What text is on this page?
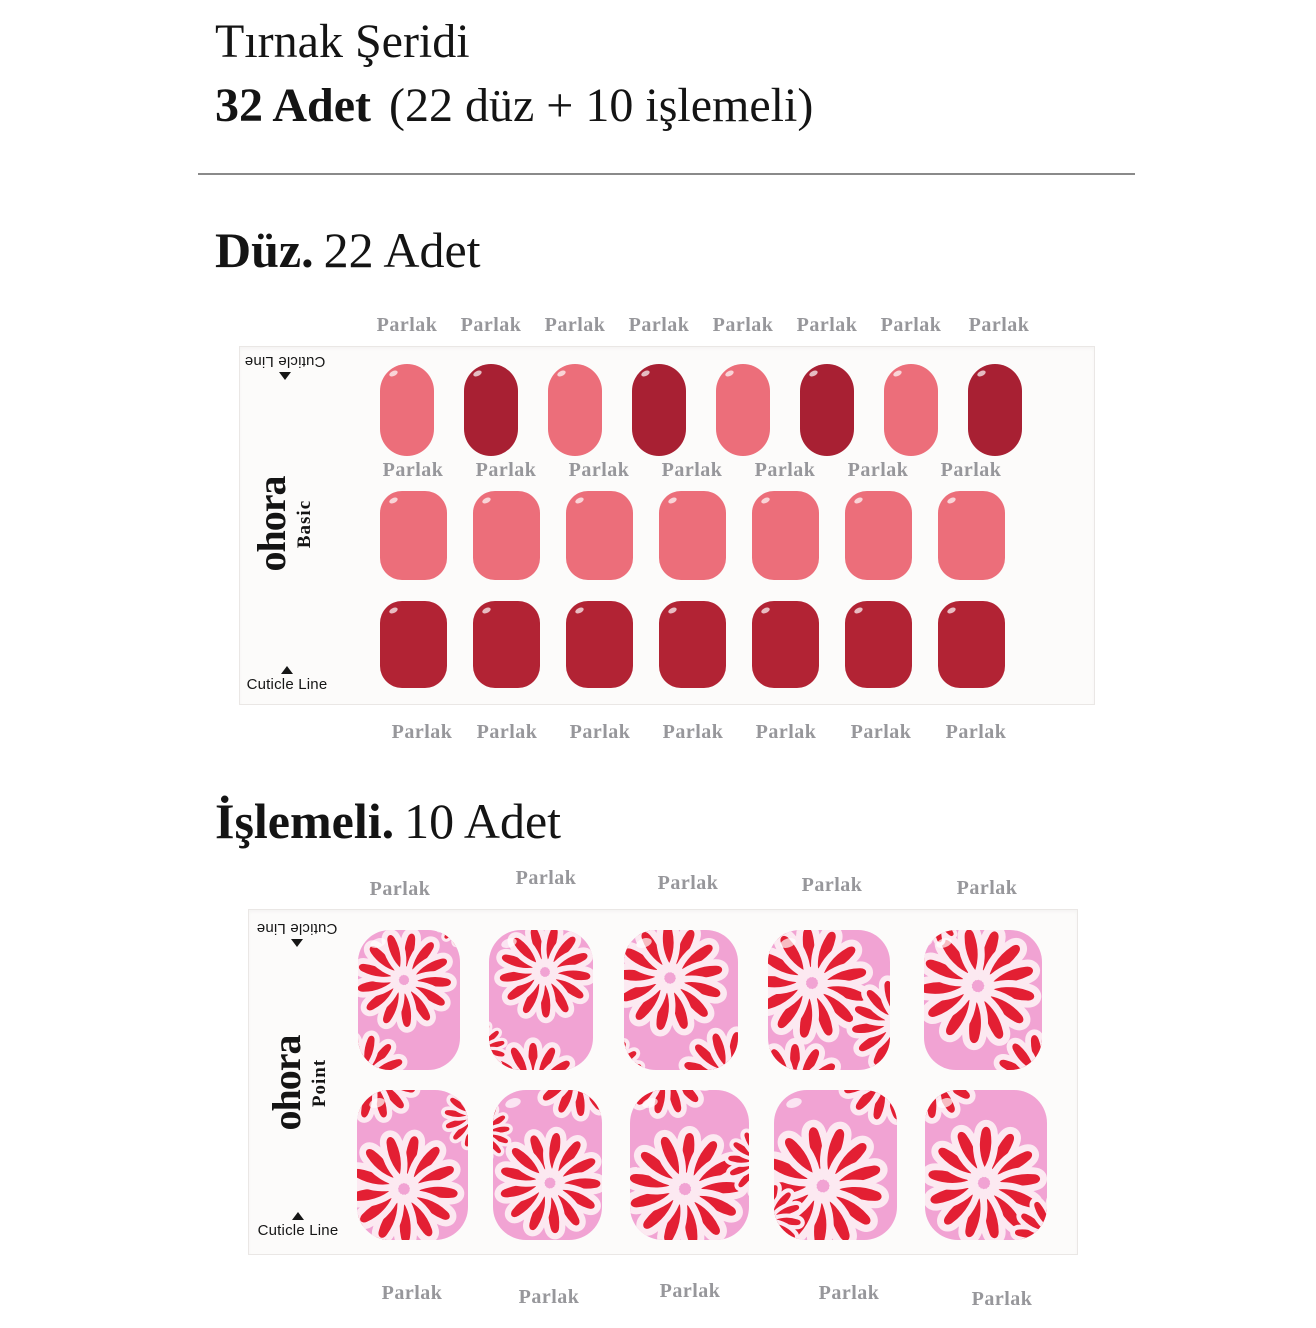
Tırnak Şeridi
32 Adet (22 düz + 10 işlemeli)
Düz. 22 Adet
Cuticle Line
Cuticle Line
ohora Basic
İşlemeli. 10 Adet
Cuticle Line
Cuticle Line
ohora Point
Parlak	Parlak	Parlak	Parlak	Parlak	Parlak	Parlak	Parlak
Parlak	Parlak	Parlak	Parlak	Parlak	Parlak	Parlak
Parlak	Parlak	Parlak	Parlak	Parlak	Parlak	Parlak
Parlak	Parlak	Parlak	Parlak	Parlak
Parlak	Parlak	Parlak	Parlak	Parlak
